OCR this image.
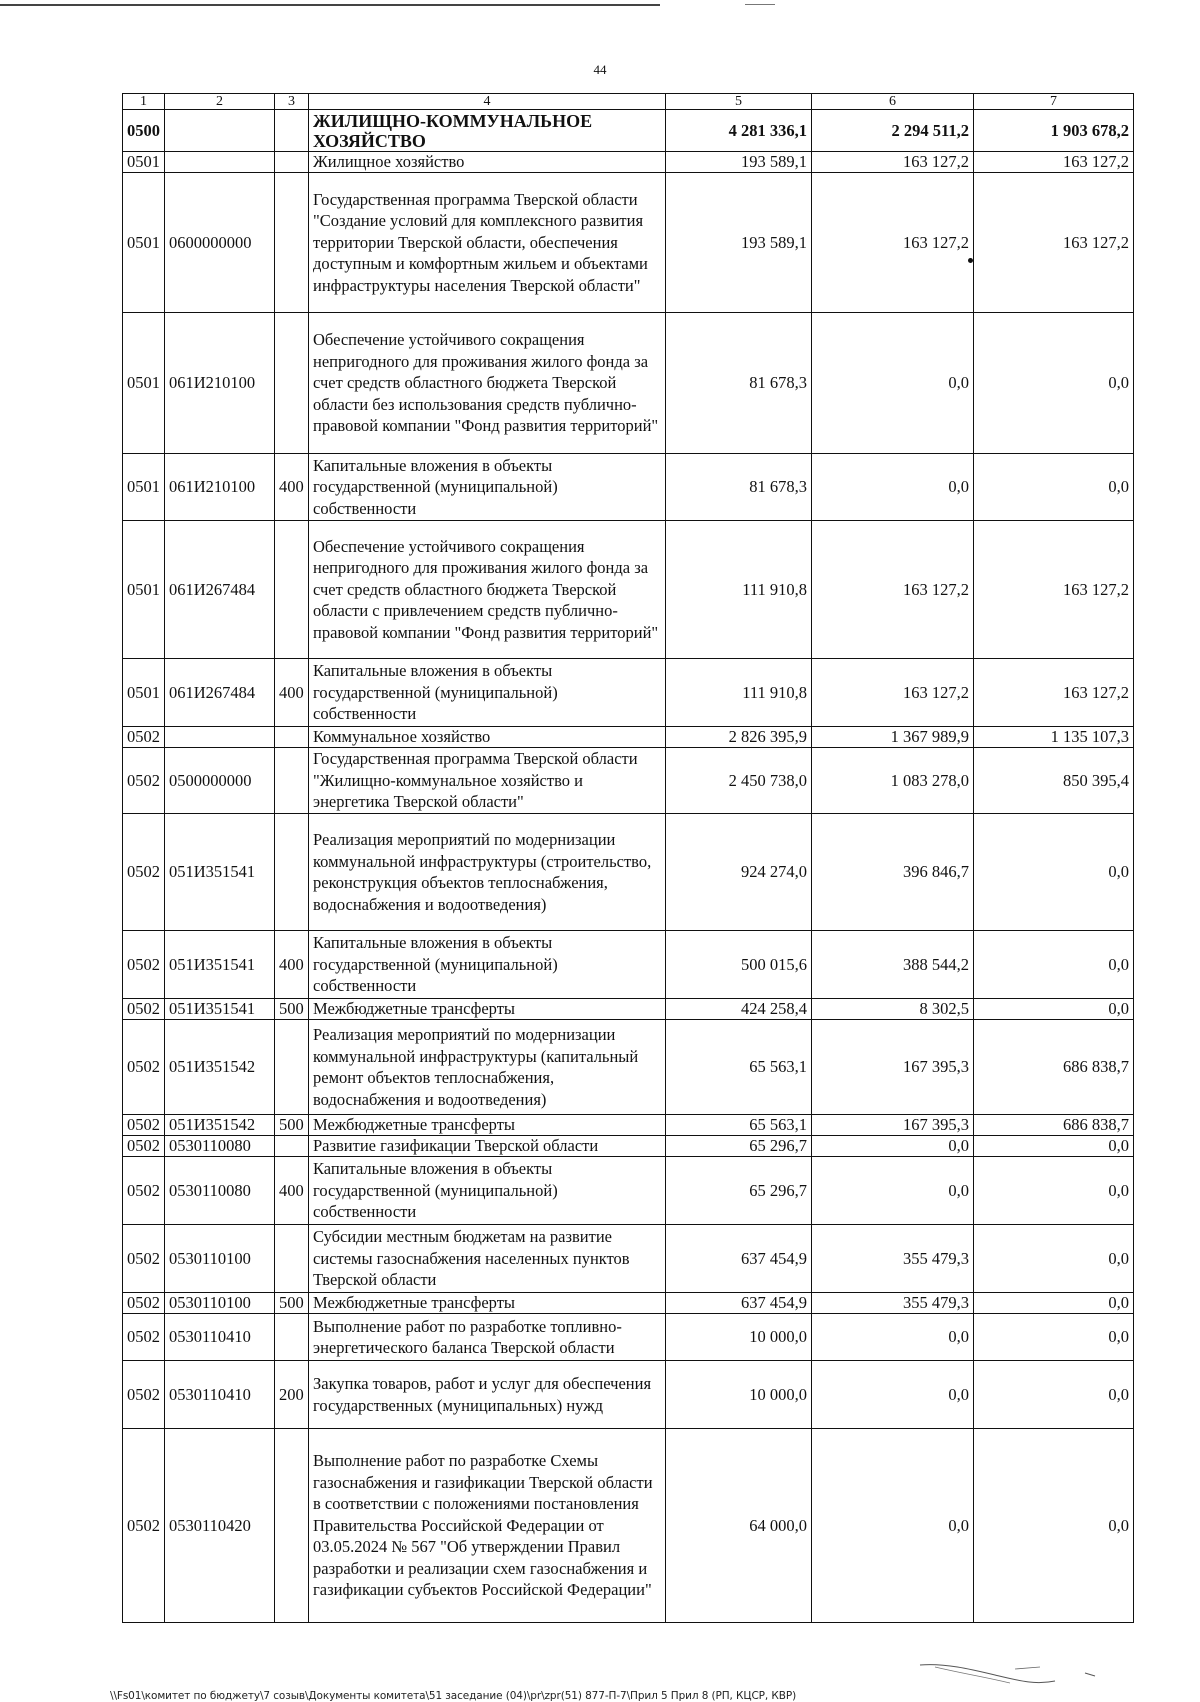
44
1	2	3	4	5	6	7
0500			ЖИЛИЩНО-КОММУНАЛЬНОЕ ХОЗЯЙСТВО	4 281 336,1	2 294 511,2	1 903 678,2
0501			Жилищное хозяйство	193 589,1	163 127,2	163 127,2
0501	0600000000		Государственная программа Тверской области "Создание условий для комплексного развития территории Тверской области, обеспечения доступным и комфортным жильем и объектами инфраструктуры населения Тверской области"	193 589,1	163 127,2	163 127,2
0501	061И210100		Обеспечение устойчивого сокращения непригодного для проживания жилого фонда за счет средств областного бюджета Тверской области без использования средств публично-правовой компании "Фонд развития территорий"	81 678,3	0,0	0,0
0501	061И210100	400	Капитальные вложения в объекты государственной (муниципальной) собственности	81 678,3	0,0	0,0
0501	061И267484		Обеспечение устойчивого сокращения непригодного для проживания жилого фонда за счет средств областного бюджета Тверской области с привлечением средств публично-правовой компании "Фонд развития территорий"	111 910,8	163 127,2	163 127,2
0501	061И267484	400	Капитальные вложения в объекты государственной (муниципальной) собственности	111 910,8	163 127,2	163 127,2
0502			Коммунальное хозяйство	2 826 395,9	1 367 989,9	1 135 107,3
0502	0500000000		Государственная программа Тверской области "Жилищно-коммунальное хозяйство и энергетика Тверской области"	2 450 738,0	1 083 278,0	850 395,4
0502	051И351541		Реализация мероприятий по модернизации коммунальной инфраструктуры (строительство, реконструкция объектов теплоснабжения, водоснабжения и водоотведения)	924 274,0	396 846,7	0,0
0502	051И351541	400	Капитальные вложения в объекты государственной (муниципальной) собственности	500 015,6	388 544,2	0,0
0502	051И351541	500	Межбюджетные трансферты	424 258,4	8 302,5	0,0
0502	051И351542		Реализация мероприятий по модернизации коммунальной инфраструктуры (капитальный ремонт объектов теплоснабжения, водоснабжения и водоотведения)	65 563,1	167 395,3	686 838,7
0502	051И351542	500	Межбюджетные трансферты	65 563,1	167 395,3	686 838,7
0502	0530110080		Развитие газификации Тверской области	65 296,7	0,0	0,0
0502	0530110080	400	Капитальные вложения в объекты государственной (муниципальной) собственности	65 296,7	0,0	0,0
0502	0530110100		Субсидии местным бюджетам на развитие системы газоснабжения населенных пунктов Тверской области	637 454,9	355 479,3	0,0
0502	0530110100	500	Межбюджетные трансферты	637 454,9	355 479,3	0,0
0502	0530110410		Выполнение работ по разработке топливно-энергетического баланса Тверской области	10 000,0	0,0	0,0
0502	0530110410	200	Закупка товаров, работ и услуг для обеспечения государственных (муниципальных) нужд	10 000,0	0,0	0,0
0502	0530110420		Выполнение работ по разработке Схемы газоснабжения и газификации Тверской области в соответствии с положениями постановления Правительства Российской Федерации от 03.05.2024 № 567 "Об утверждении Правил разработки и реализации схем газоснабжения и газификации субъектов Российской Федерации"	64 000,0	0,0	0,0
\\Fs01\комитет по бюджету\7 созыв\Документы комитета\51 заседание (04)\pr\zpr(51) 877-П-7\Прил 5 Прил 8 (РП, КЦСР, КВР)
